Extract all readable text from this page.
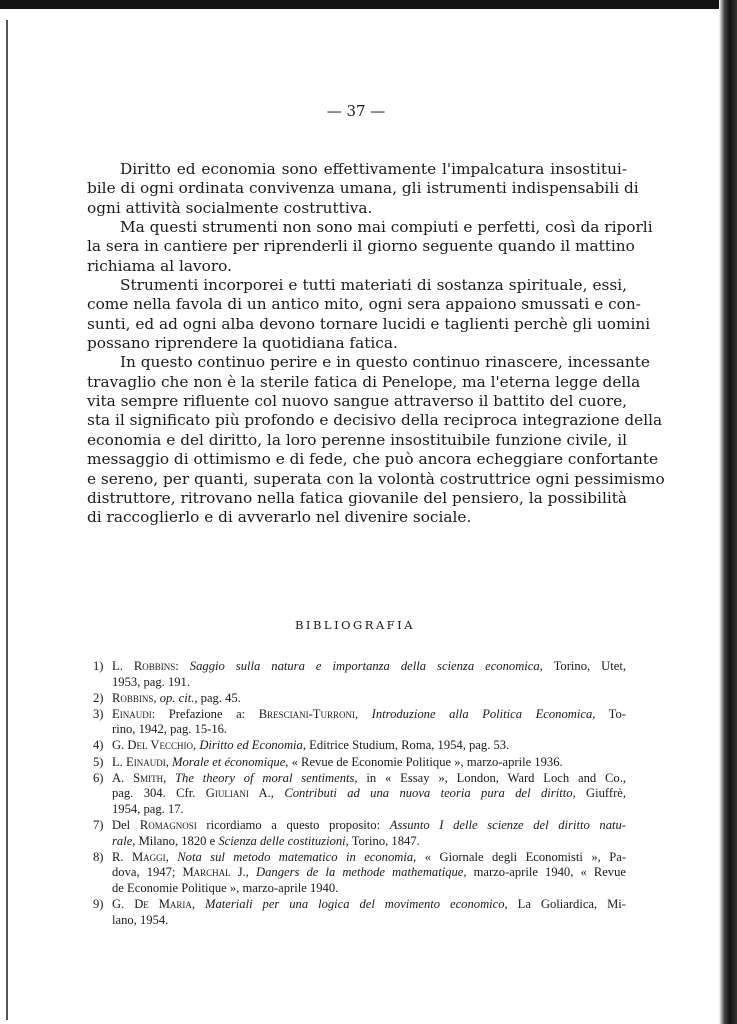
— 37 —
Diritto ed economia sono effettivamente l'impalcatura insostitui-
bile di ogni ordinata convivenza umana, gli istrumenti indispensabili di
ogni attività socialmente costruttiva.
Ma questi strumenti non sono mai compiuti e perfetti, così da riporli
la sera in cantiere per riprenderli il giorno seguente quando il mattino
richiama al lavoro.
Strumenti incorporei e tutti materiati di sostanza spirituale, essi,
come nella favola di un antico mito, ogni sera appaiono smussati e con-
sunti, ed ad ogni alba devono tornare lucidi e taglienti perchè gli uomini
possano riprendere la quotidiana fatica.
In questo continuo perire e in questo continuo rinascere, incessante
travaglio che non è la sterile fatica di Penelope, ma l'eterna legge della
vita sempre rifluente col nuovo sangue attraverso il battito del cuore,
sta il significato più profondo e decisivo della reciproca integrazione della
economia e del diritto, la loro perenne insostituibile funzione civile, il
messaggio di ottimismo e di fede, che può ancora echeggiare confortante
e sereno, per quanti, superata con la volontà costruttrice ogni pessimismo
distruttore, ritrovano nella fatica giovanile del pensiero, la possibilità
di raccoglierlo e di avverarlo nel divenire sociale.
BIBLIOGRAFIA
1) L. Robbins: Saggio sulla natura e importanza della scienza economica, Torino, Utet,
1953, pag. 191.
2) Robbins, op. cit., pag. 45.
3) Einaudi: Prefazione a: Bresciani-Turroni, Introduzione alla Politica Economica, To-
rino, 1942, pag. 15-16.
4) G. Del Vecchio, Diritto ed Economia, Editrice Studium, Roma, 1954, pag. 53.
5) L. Einaudi, Morale et économique, « Revue de Economie Politique », marzo-aprile 1936.
6) A. Smith, The theory of moral sentiments, in « Essay », London, Ward Loch and Co.,
pag. 304. Cfr. Giuliani A., Contributi ad una nuova teoria pura del diritto, Giuffrè,
1954, pag. 17.
7) Del Romagnosi ricordiamo a questo proposito: Assunto I delle scienze del diritto natu-
rale, Milano, 1820 e Scienza delle costituzioni, Torino, 1847.
8) R. Maggi, Nota sul metodo matematico in economia, « Giornale degli Economisti », Pa-
dova, 1947; Marchal J., Dangers de la methode mathematique, marzo-aprile 1940, « Revue
de Economie Politique », marzo-aprile 1940.
9) G. De Maria, Materiali per una logica del movimento economico, La Goliardica, Mi-
lano, 1954.
